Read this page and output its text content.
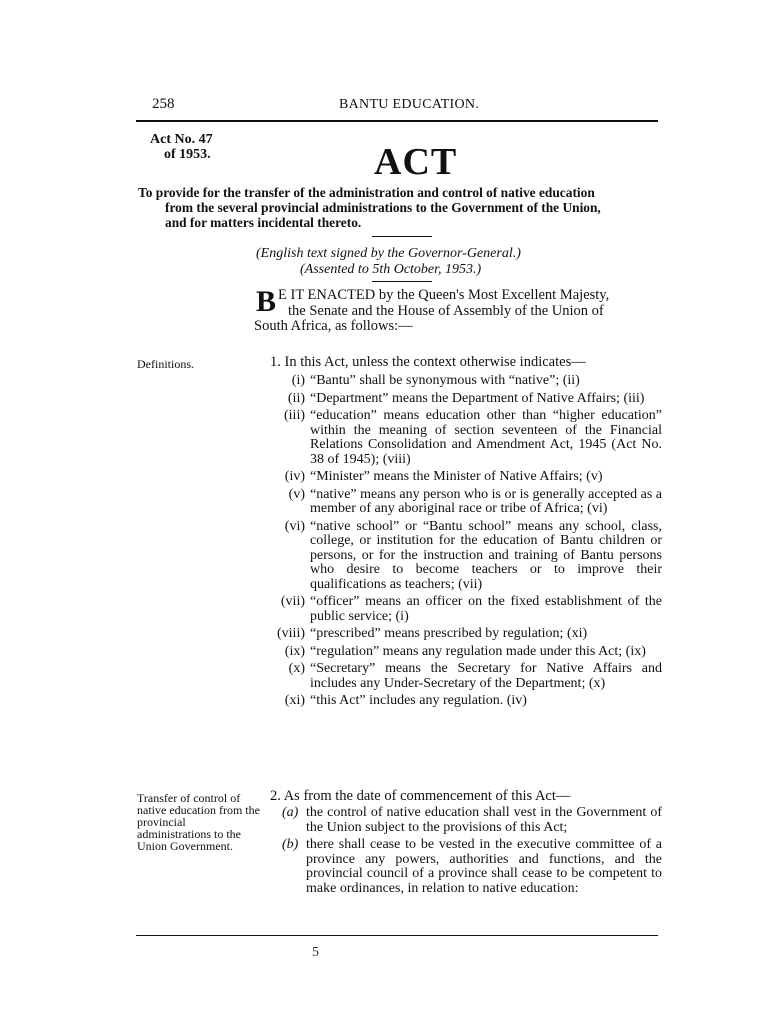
258	BANTU EDUCATION.
Act No. 47
of 1953.	ACT

To provide for the transfer of the administration and control of native education

from the several provincial administrations to the Government of the Union,

and for matters incidental thereto.

(English text signed by the Governor-General.)
(Assented to 5th October, 1953.)
B E IT ENACTED by the Queen's Most Excellent Majesty,
the Senate and the House of Assembly of the Union of
South Africa, as follows:—
Definitions.	1. In this Act, unless the context otherwise indicates—
(i) “Bantu” shall be synonymous with “native”; (ii)
(ii) “Department” means the Department of Native Affairs; (iii)
(iii) “education” means education other than “higher education” within the meaning of section seventeen of the Financial Relations Consolidation and Amendment Act, 1945 (Act No. 38 of 1945); (viii)
(iv) “Minister” means the Minister of Native Affairs; (v)
(v) “native” means any person who is or is generally accepted as a member of any aboriginal race or tribe of Africa; (vi)
(vi) “native school” or “Bantu school” means any school, class, college, or institution for the education of Bantu children or persons, or for the instruction and training of Bantu persons who desire to become teachers or to improve their qualifications as teachers; (vii)
(vii) “officer” means an officer on the fixed establishment of the public service; (i)
(viii) “prescribed” means prescribed by regulation; (xi)
(ix) “regulation” means any regulation made under this Act; (ix)
(x) “Secretary” means the Secretary for Native Affairs and includes any Under-Secretary of the Department; (x)
(xi) “this Act” includes any regulation. (iv)
Transfer of control of native education from the provincial administrations to the Union Government.
2. As from the date of commencement of this Act—
(a) the control of native education shall vest in the Government of the Union subject to the provisions of this Act;
(b) there shall cease to be vested in the executive committee of a province any powers, authorities and functions, and the provincial council of a province shall cease to be competent to make ordinances, in relation to native education:
5
